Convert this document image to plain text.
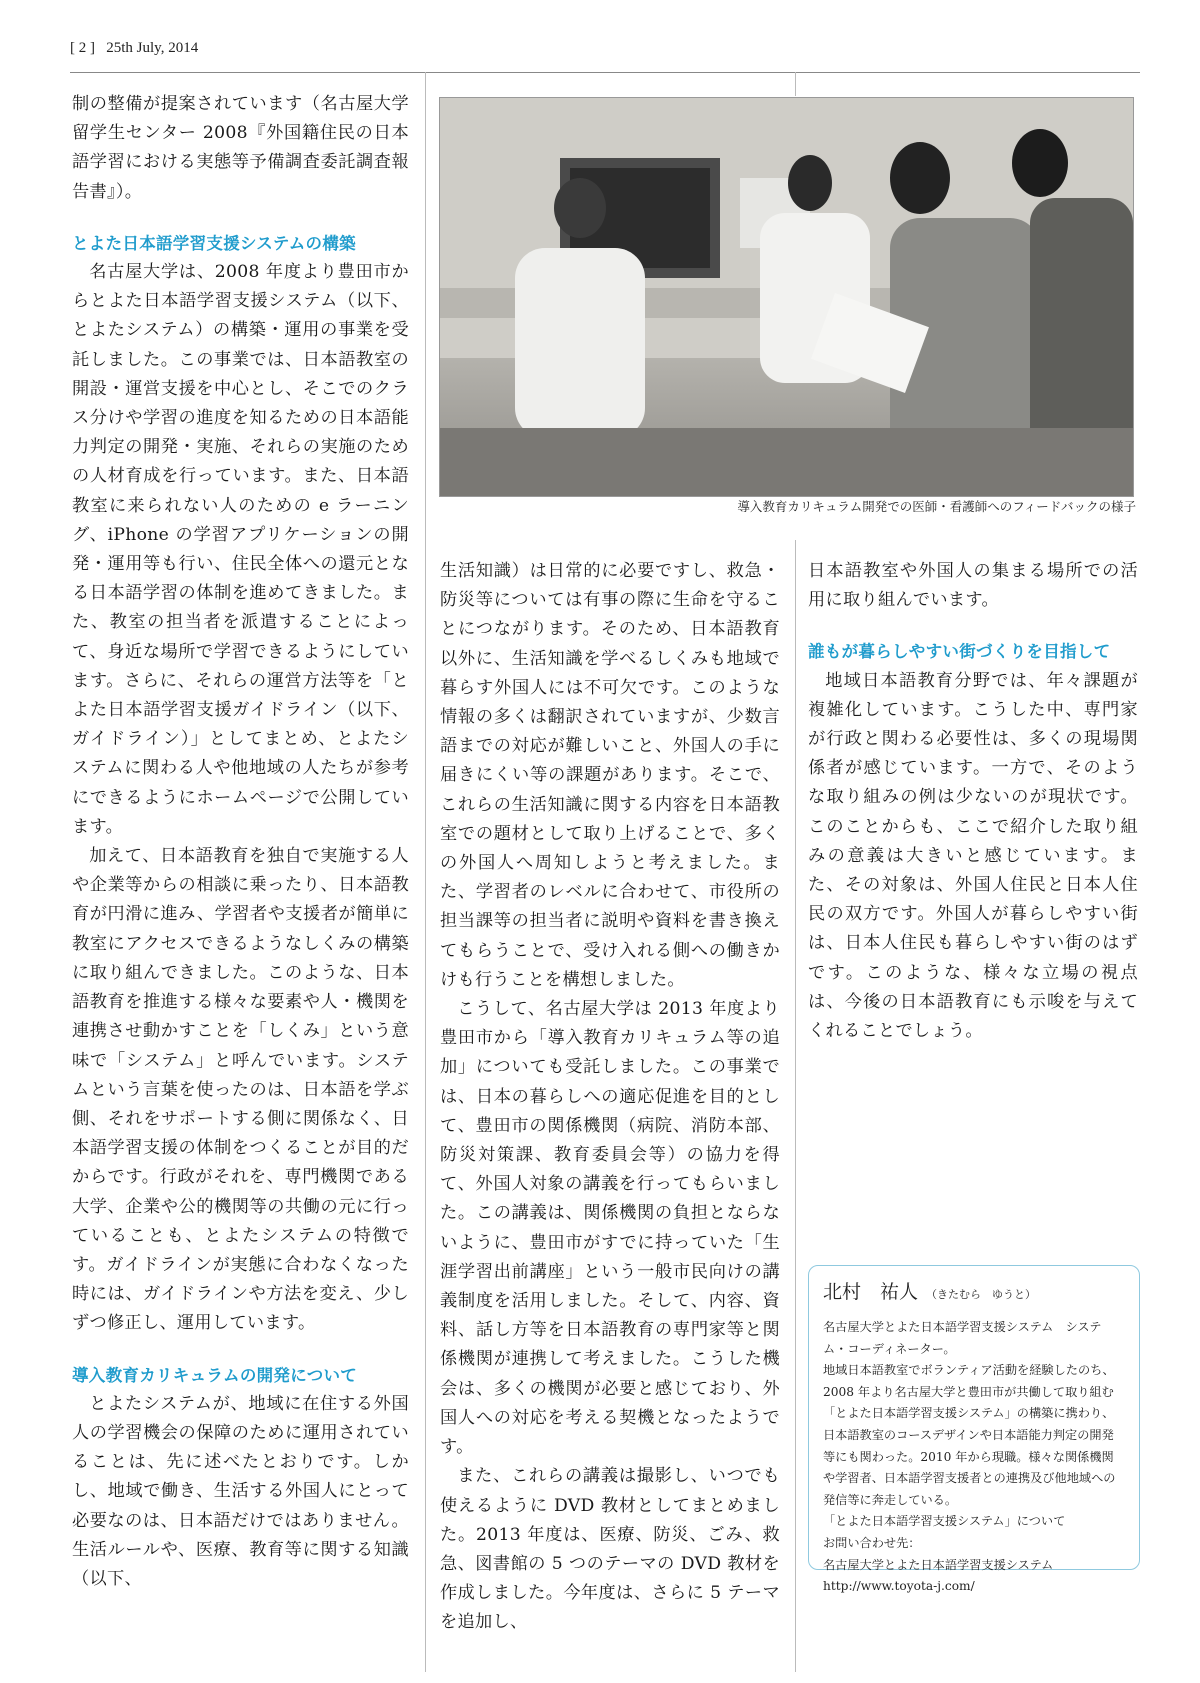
[ 2 ] 25th July, 2014
導入教育カリキュラム開発での医師・看護師へのフィードバックの様子

制の整備が提案されています（名古屋大学留学生センター 2008『外国籍住民の日本語学習における実態等予備調査委託調査報告書』）。

とよた日本語学習支援システムの構築

名古屋大学は、2008 年度より豊田市からとよた日本語学習支援システム（以下、とよたシステム）の構築・運用の事業を受託しました。この事業では、日本語教室の開設・運営支援を中心とし、そこでのクラス分けや学習の進度を知るための日本語能力判定の開発・実施、それらの実施のための人材育成を行っています。また、日本語教室に来られない人のための e ラーニング、iPhone の学習アプリケーションの開発・運用等も行い、住民全体への還元となる日本語学習の体制を進めてきました。また、教室の担当者を派遣することによって、身近な場所で学習できるようにしています。さらに、それらの運営方法等を「とよた日本語学習支援ガイドライン（以下、ガイドライン）」としてまとめ、とよたシステムに関わる人や他地域の人たちが参考にできるようにホームページで公開しています。

加えて、日本語教育を独自で実施する人や企業等からの相談に乗ったり、日本語教育が円滑に進み、学習者や支援者が簡単に教室にアクセスできるようなしくみの構築に取り組んできました。このような、日本語教育を推進する様々な要素や人・機関を連携させ動かすことを「しくみ」という意味で「システム」と呼んでいます。システムという言葉を使ったのは、日本語を学ぶ側、それをサポートする側に関係なく、日本語学習支援の体制をつくることが目的だからです。行政がそれを、専門機関である大学、企業や公的機関等の共働の元に行っていることも、とよたシステムの特徴です。ガイドラインが実態に合わなくなった時には、ガイドラインや方法を変え、少しずつ修正し、運用しています。

導入教育カリキュラムの開発について

とよたシステムが、地域に在住する外国人の学習機会の保障のために運用されていることは、先に述べたとおりです。しかし、地域で働き、生活する外国人にとって必要なのは、日本語だけではありません。生活ルールや、医療、教育等に関する知識（以下、

生活知識）は日常的に必要ですし、救急・防災等については有事の際に生命を守ることにつながります。そのため、日本語教育以外に、生活知識を学べるしくみも地域で暮らす外国人には不可欠です。このような情報の多くは翻訳されていますが、少数言語までの対応が難しいこと、外国人の手に届きにくい等の課題があります。そこで、これらの生活知識に関する内容を日本語教室での題材として取り上げることで、多くの外国人へ周知しようと考えました。また、学習者のレベルに合わせて、市役所の担当課等の担当者に説明や資料を書き換えてもらうことで、受け入れる側への働きかけも行うことを構想しました。

こうして、名古屋大学は 2013 年度より豊田市から「導入教育カリキュラム等の追加」についても受託しました。この事業では、日本の暮らしへの適応促進を目的として、豊田市の関係機関（病院、消防本部、防災対策課、教育委員会等）の協力を得て、外国人対象の講義を行ってもらいました。この講義は、関係機関の負担とならないように、豊田市がすでに持っていた「生涯学習出前講座」という一般市民向けの講義制度を活用しました。そして、内容、資料、話し方等を日本語教育の専門家等と関係機関が連携して考えました。こうした機会は、多くの機関が必要と感じており、外国人への対応を考える契機となったようです。

また、これらの講義は撮影し、いつでも使えるように DVD 教材としてまとめました。2013 年度は、医療、防災、ごみ、救急、図書館の 5 つのテーマの DVD 教材を作成しました。今年度は、さらに 5 テーマを追加し、

日本語教室や外国人の集まる場所での活用に取り組んでいます。

誰もが暮らしやすい街づくりを目指して

地域日本語教育分野では、年々課題が複雑化しています。こうした中、専門家が行政と関わる必要性は、多くの現場関係者が感じています。一方で、そのような取り組みの例は少ないのが現状です。このことからも、ここで紹介した取り組みの意義は大きいと感じています。また、その対象は、外国人住民と日本人住民の双方です。外国人が暮らしやすい街は、日本人住民も暮らしやすい街のはずです。このような、様々な立場の視点は、今後の日本語教育にも示唆を与えてくれることでしょう。

北村　祐人 （きたむら　ゆうと）

名古屋大学とよた日本語学習支援システム　システム・コーディネーター。

地域日本語教室でボランティア活動を経験したのち、2008 年より名古屋大学と豊田市が共働して取り組む「とよた日本語学習支援システム」の構築に携わり、日本語教室のコースデザインや日本語能力判定の開発等にも関わった。2010 年から現職。様々な関係機関や学習者、日本語学習支援者との連携及び他地域への発信等に奔走している。

「とよた日本語学習支援システム」について

お問い合わせ先：

名古屋大学とよた日本語学習支援システム

http://www.toyota-j.com/
